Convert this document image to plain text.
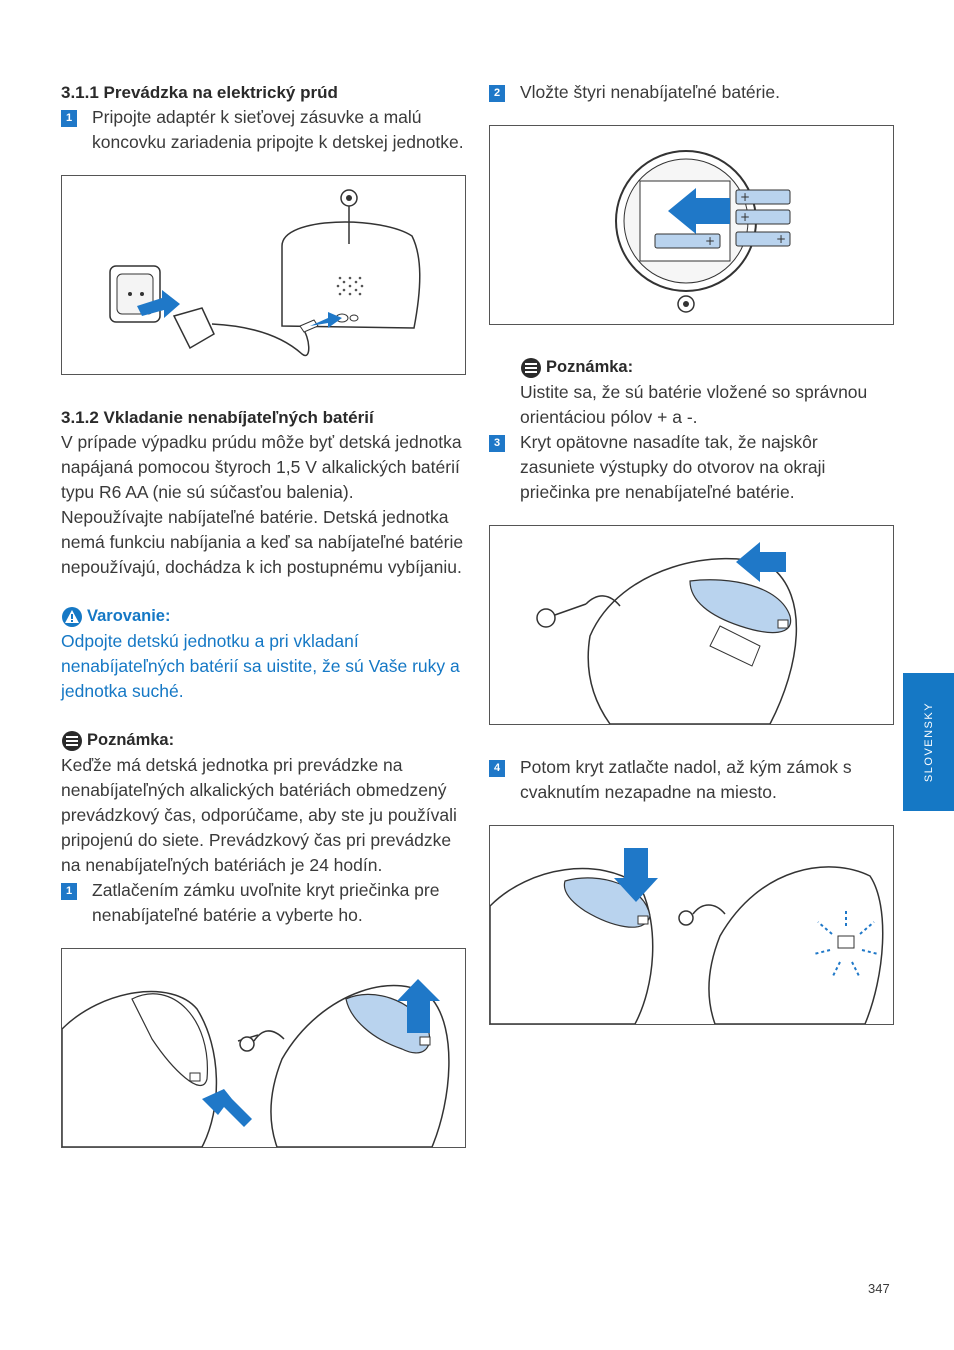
3.1.1 Prevádzka na elektrický prúd
1 Pripojte adaptér k sieťovej zásuvke a malú koncovku zariadenia pripojte k detskej jednotke.
3.1.2 Vkladanie nenabíjateľných batérií

V prípade výpadku prúdu môže byť detská jednotka napájaná pomocou štyroch 1,5 V alkalických batérií typu R6 AA (nie sú súčasťou balenia).

Nepoužívajte nabíjateľné batérie. Detská jednotka nemá funkciu nabíjania a keď sa nabíjateľné batérie nepoužívajú, dochádza k ich postupnému vybíjaniu.

Varovanie:
Odpojte detskú jednotku a pri vkladaní nenabíjateľných batérií sa uistite, že sú Vaše ruky a jednotka suché.
Poznámka:

Keďže má detská jednotka pri prevádzke na nenabíjateľných alkalických batériách obmedzený prevádzkový čas, odporúčame, aby ste ju používali pripojenú do siete. Prevádzkový čas pri prevádzke na nenabíjateľných batériách je 24 hodín.

1 Zatlačením zámku uvoľnite kryt priečinka pre nenabíjateľné batérie a vyberte ho.
2 Vložte štyri nenabíjateľné batérie.
+
+
+
+
Poznámka:

Uistite sa, že sú batérie vložené so správnou orientáciou pólov + a -.

3 Kryt opätovne nasadíte tak, že najskôr zasuniete výstupky do otvorov na okraji priečinka pre nenabíjateľné batérie.
4 Potom kryt zatlačte nadol, až kým zámok s cvaknutím nezapadne na miesto.
SLOVENSKY
347
